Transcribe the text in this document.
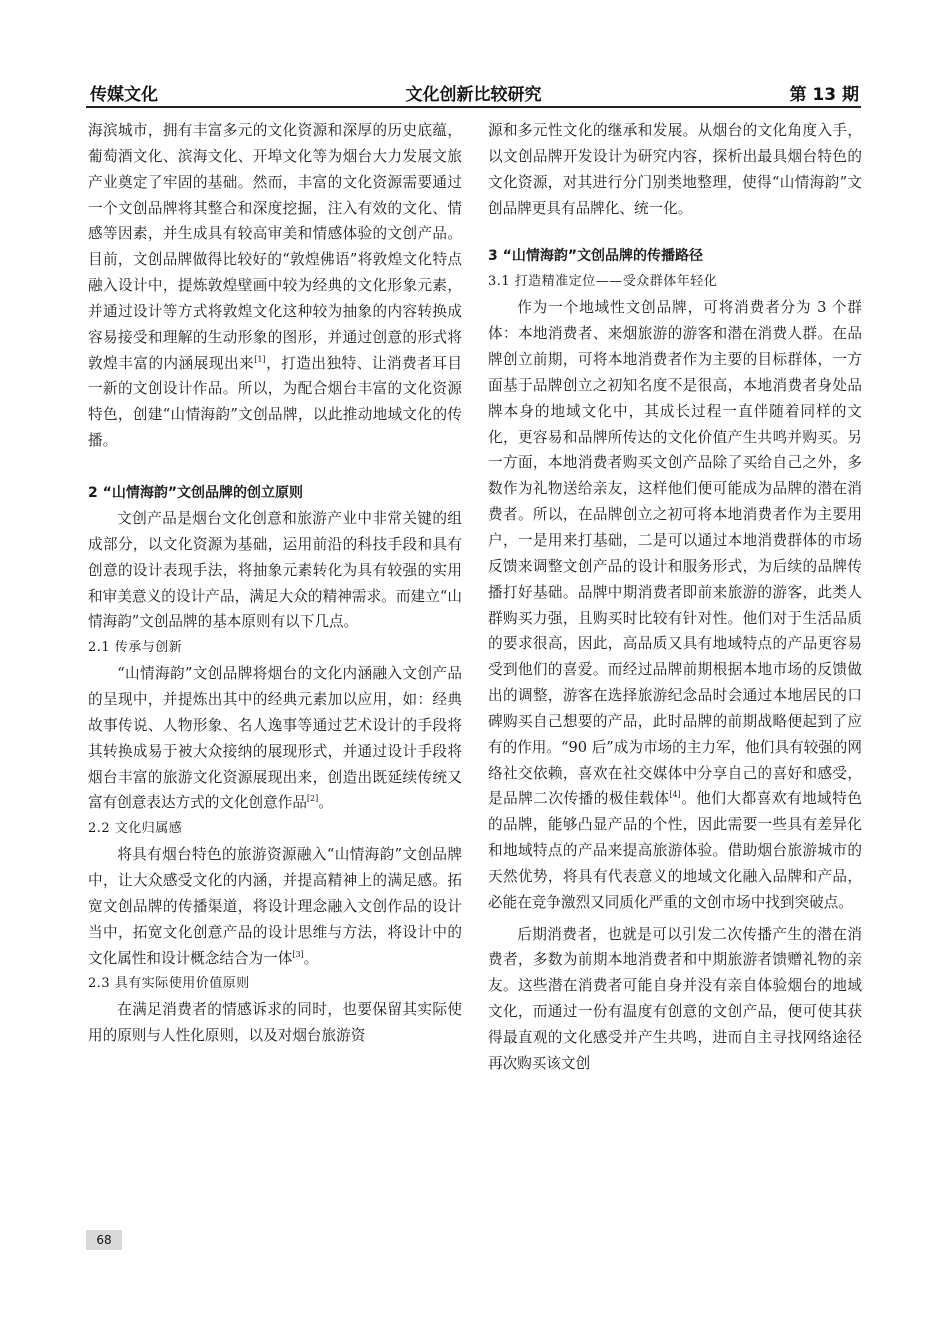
传媒文化	文化创新比较研究	第 13 期

海滨城市，拥有丰富多元的文化资源和深厚的历史底蕴，葡萄酒文化、滨海文化、开埠文化等为烟台大力发展文旅产业奠定了牢固的基础。然而，丰富的文化资源需要通过一个文创品牌将其整合和深度挖掘，注入有效的文化、情感等因素，并生成具有较高审美和情感体验的文创产品。目前，文创品牌做得比较好的“敦煌佛语”将敦煌文化特点融入设计中，提炼敦煌壁画中较为经典的文化形象元素，并通过设计等方式将敦煌文化这种较为抽象的内容转换成容易接受和理解的生动形象的图形，并通过创意的形式将敦煌丰富的内涵展现出来[1]，打造出独特、让消费者耳目一新的文创设计作品。所以，为配合烟台丰富的文化资源特色，创建“山情海韵”文创品牌，以此推动地域文化的传播。

2 “山情海韵”文创品牌的创立原则

文创产品是烟台文化创意和旅游产业中非常关键的组成部分，以文化资源为基础，运用前沿的科技手段和具有创意的设计表现手法，将抽象元素转化为具有较强的实用和审美意义的设计产品，满足大众的精神需求。而建立“山情海韵”文创品牌的基本原则有以下几点。

2.1 传承与创新

“山情海韵”文创品牌将烟台的文化内涵融入文创产品的呈现中，并提炼出其中的经典元素加以应用，如：经典故事传说、人物形象、名人逸事等通过艺术设计的手段将其转换成易于被大众接纳的展现形式，并通过设计手段将烟台丰富的旅游文化资源展现出来，创造出既延续传统又富有创意表达方式的文化创意作品[2]。

2.2 文化归属感

将具有烟台特色的旅游资源融入“山情海韵”文创品牌中，让大众感受文化的内涵，并提高精神上的满足感。拓宽文创品牌的传播渠道，将设计理念融入文创作品的设计当中，拓宽文化创意产品的设计思维与方法，将设计中的文化属性和设计概念结合为一体[3]。

2.3 具有实际使用价值原则

在满足消费者的情感诉求的同时，也要保留其实际使用的原则与人性化原则，以及对烟台旅游资

源和多元性文化的继承和发展。从烟台的文化角度入手，以文创品牌开发设计为研究内容，探析出最具烟台特色的文化资源，对其进行分门别类地整理，使得“山情海韵”文创品牌更具有品牌化、统一化。

3 “山情海韵”文创品牌的传播路径
3.1 打造精准定位——受众群体年轻化

作为一个地域性文创品牌，可将消费者分为 3 个群体：本地消费者、来烟旅游的游客和潜在消费人群。在品牌创立前期，可将本地消费者作为主要的目标群体，一方面基于品牌创立之初知名度不是很高，本地消费者身处品牌本身的地域文化中，其成长过程一直伴随着同样的文化，更容易和品牌所传达的文化价值产生共鸣并购买。另一方面，本地消费者购买文创产品除了买给自己之外，多数作为礼物送给亲友，这样他们便可能成为品牌的潜在消费者。所以，在品牌创立之初可将本地消费者作为主要用户，一是用来打基础，二是可以通过本地消费群体的市场反馈来调整文创产品的设计和服务形式，为后续的品牌传播打好基础。品牌中期消费者即前来旅游的游客，此类人群购买力强，且购买时比较有针对性。他们对于生活品质的要求很高，因此，高品质又具有地域特点的产品更容易受到他们的喜爱。而经过品牌前期根据本地市场的反馈做出的调整，游客在选择旅游纪念品时会通过本地居民的口碑购买自己想要的产品，此时品牌的前期战略便起到了应有的作用。“90 后”成为市场的主力军，他们具有较强的网络社交依赖，喜欢在社交媒体中分享自己的喜好和感受，是品牌二次传播的极佳载体[4]。他们大都喜欢有地域特色的品牌，能够凸显产品的个性，因此需要一些具有差异化和地域特点的产品来提高旅游体验。借助烟台旅游城市的天然优势，将具有代表意义的地域文化融入品牌和产品，必能在竞争激烈又同质化严重的文创市场中找到突破点。

后期消费者，也就是可以引发二次传播产生的潜在消费者，多数为前期本地消费者和中期旅游者馈赠礼物的亲友。这些潜在消费者可能自身并没有亲自体验烟台的地域文化，而通过一份有温度有创意的文创产品，便可使其获得最直观的文化感受并产生共鸣，进而自主寻找网络途径再次购买该文创

68
